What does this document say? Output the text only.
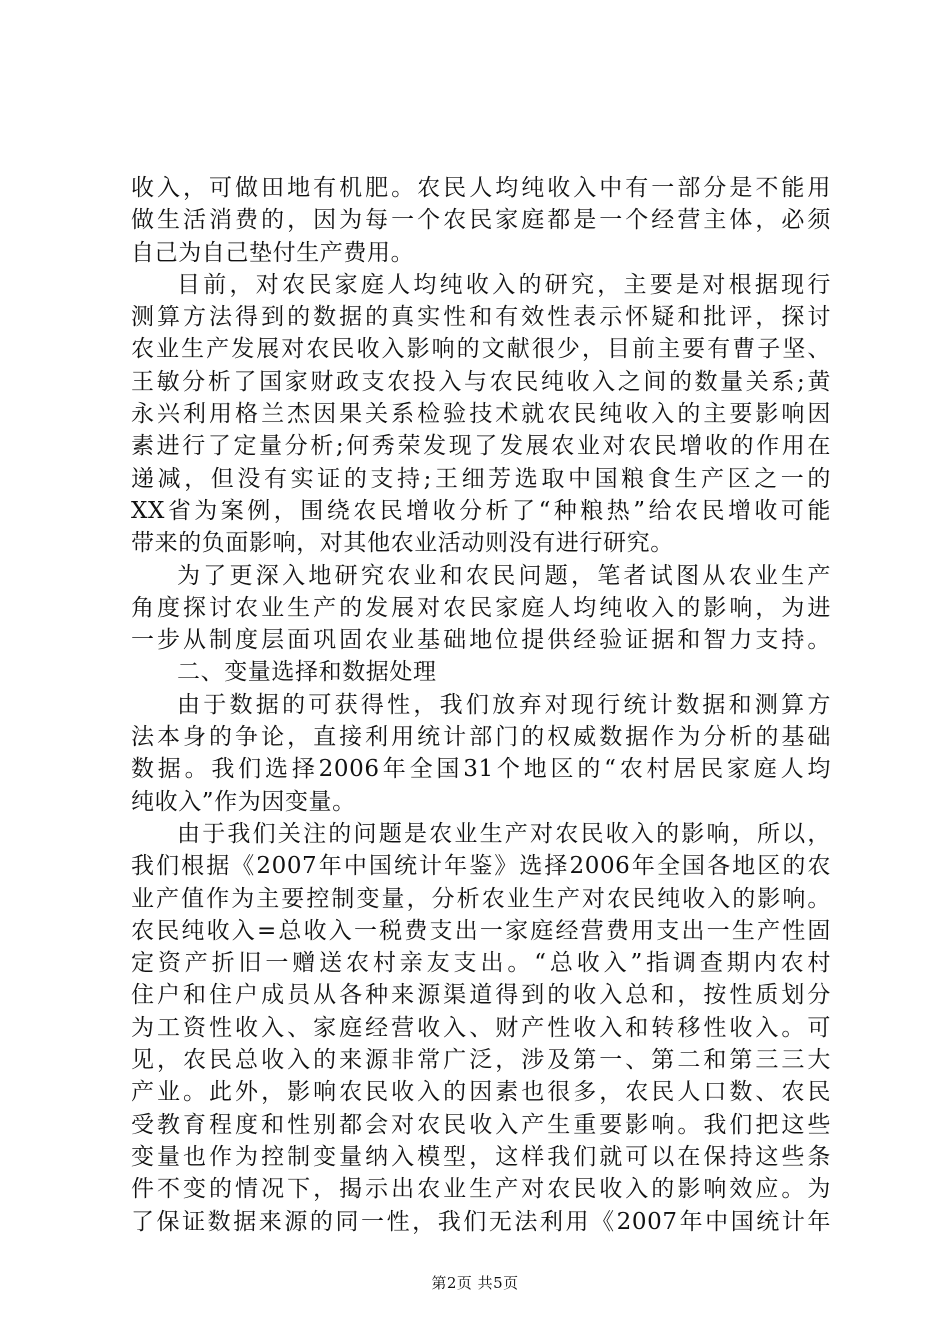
收入，可做田地有机肥。农民人均纯收入中有一部分是不能用
做生活消费的，因为每一个农民家庭都是一个经营主体，必须
自己为自己垫付生产费用。
目前，对农民家庭人均纯收入的研究，主要是对根据现行
测算方法得到的数据的真实性和有效性表示怀疑和批评，探讨
农业生产发展对农民收入影响的文献很少，目前主要有曹子坚、
王敏分析了国家财政支农投入与农民纯收入之间的数量关系;黄
永兴利用格兰杰因果关系检验技术就农民纯收入的主要影响因
素进行了定量分析;何秀荣发现了发展农业对农民增收的作用在
递减，但没有实证的支持;王细芳选取中国粮食生产区之一的
XX省为案例，围绕农民增收分析了“种粮热”给农民增收可能
带来的负面影响，对其他农业活动则没有进行研究。
为了更深入地研究农业和农民问题，笔者试图从农业生产
角度探讨农业生产的发展对农民家庭人均纯收入的影响，为进
一步从制度层面巩固农业基础地位提供经验证据和智力支持。
二、变量选择和数据处理
由于数据的可获得性，我们放弃对现行统计数据和测算方
法本身的争论，直接利用统计部门的权威数据作为分析的基础
数据。我们选择2006年全国31个地区的“农村居民家庭人均
纯收入”作为因变量。
由于我们关注的问题是农业生产对农民收入的影响，所以，
我们根据《2007年中国统计年鉴》选择2006年全国各地区的农
业产值作为主要控制变量，分析农业生产对农民纯收入的影响。
农民纯收入=总收入一税费支出一家庭经营费用支出一生产性固
定资产折旧一赠送农村亲友支出。“总收入”指调查期内农村
住户和住户成员从各种来源渠道得到的收入总和，按性质划分
为工资性收入、家庭经营收入、财产性收入和转移性收入。可
见，农民总收入的来源非常广泛，涉及第一、第二和第三三大
产业。此外，影响农民收入的因素也很多，农民人口数、农民
受教育程度和性别都会对农民收入产生重要影响。我们把这些
变量也作为控制变量纳入模型，这样我们就可以在保持这些条
件不变的情况下，揭示出农业生产对农民收入的影响效应。为
了保证数据来源的同一性，我们无法利用《2007年中国统计年
第2页 共5页
